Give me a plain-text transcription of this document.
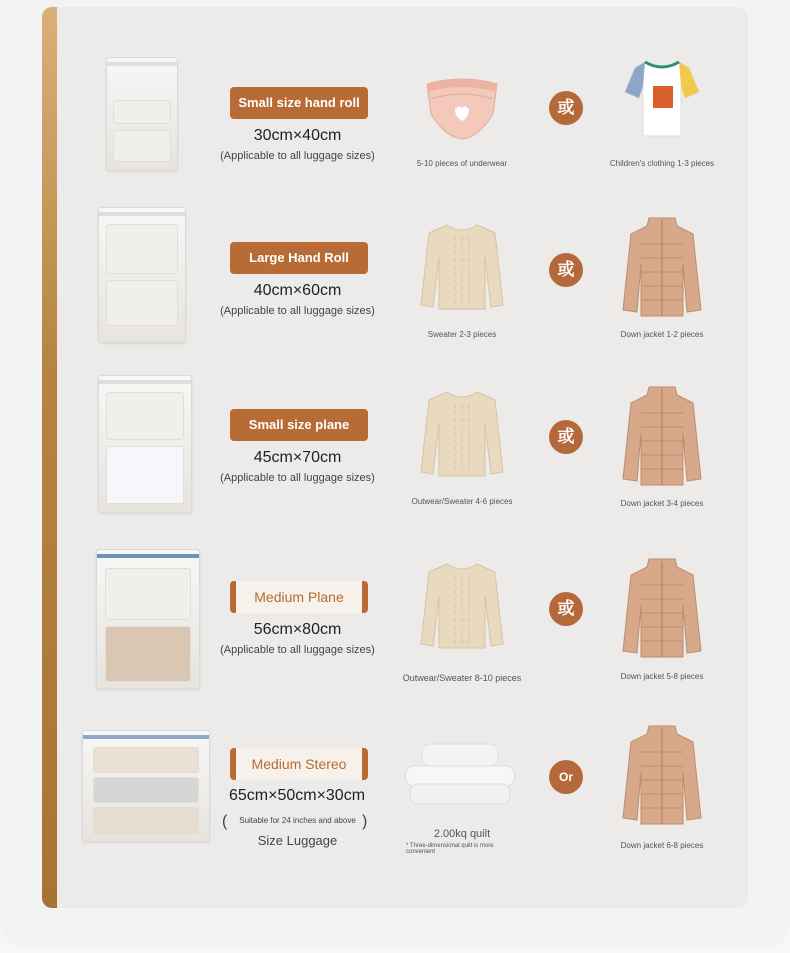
Small size hand roll
30cm×40cm
(Applicable to all luggage sizes)
5-10 pieces of underwear
或
Children's clothing 1-3 pieces
Large Hand Roll
40cm×60cm
(Applicable to all luggage sizes)
Sweater 2-3 pieces
或
Down jacket 1-2 pieces
Small size plane
45cm×70cm
(Applicable to all luggage sizes)
Outwear/Sweater 4-6 pieces
或
Down jacket 3-4 pieces
Medium Plane
56cm×80cm
(Applicable to all luggage sizes)
Outwear/Sweater 8-10 pieces
或
Down jacket 5-8 pieces
Medium Stereo
65cm×50cm×30cm
(	Suitable for 24 inches and above )
Size Luggage	2.00kq quilt
* Three-dimensional quilt is more convenient
Or
Down jacket 6-8 pieces
